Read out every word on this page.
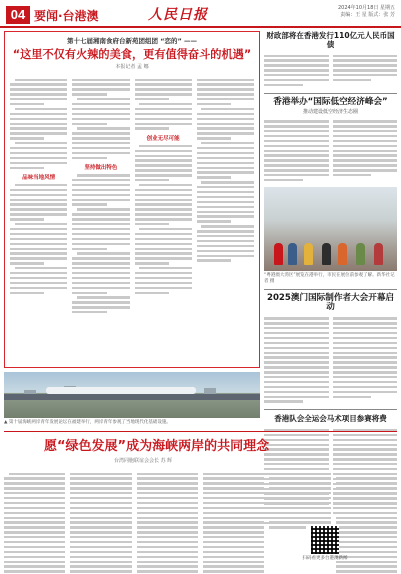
04 要闻·台港澳	人民日报	2024年10月18日 星期五
责编：王 星 版式：张 芳
第十七届湘南食府台新苑团组团 “恋的” ——
“这里不仅有火辣的美食，更有值得奋斗的机遇”
本报记者 孟 娜
品味当地风情
坚持做出特色
创业无尽可能
财政部将在香港发行110亿元人民币国债
香港举办“国际低空经济峰会”
推动建设低空经济生态圈
“粤港澳大湾区”展览在港举行，市民在展位前参观了解。新华社记者 摄
2025澳门国际制作者大会开幕启动
香港队会全运会马术项目参赛将费
▲ 第十届海峡两岸青年发展论坛在福建举行，两岸青年参观了当地现代化基础设施。
愿“绿色发展”成为海峡两岸的共同理念
台湾同胞联谊会会长 苏 辉
扫码看更多台港澳新闻
